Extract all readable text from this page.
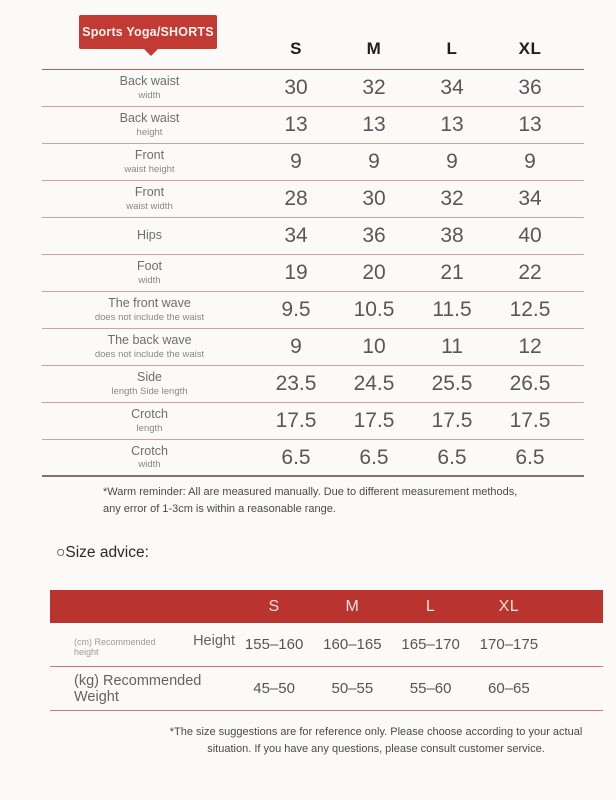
Sports Yoga/SHORTS
S	M	L	XL
Back waist
width	30	32	34	36
Back waist
height	13	13	13	13
Front
waist height	9	9	9	9
Front
waist width	28	30	32	34
Hips	34	36	38	40
Foot
width	19	20	21	22
The front wave
does not include the waist	9.5	10.5	11.5	12.5
The back wave
does not include the waist	9	10	11	12
Side
length Side length	23.5	24.5	25.5	26.5
Crotch
length	17.5	17.5	17.5	17.5
Crotch
width	6.5	6.5	6.5	6.5
*Warm reminder: All are measured manually. Due to different measurement methods, any error of 1-3cm is within a reasonable range.
○Size advice:
S	M	L	XL
(cm) Recommended height
Height 155–160	160–165	165–170	170–175
(kg) Recommended Weight	45–50	50–55	55–60	60–65
*The size suggestions are for reference only. Please choose according to your actual situation. If you have any questions, please consult customer service.
